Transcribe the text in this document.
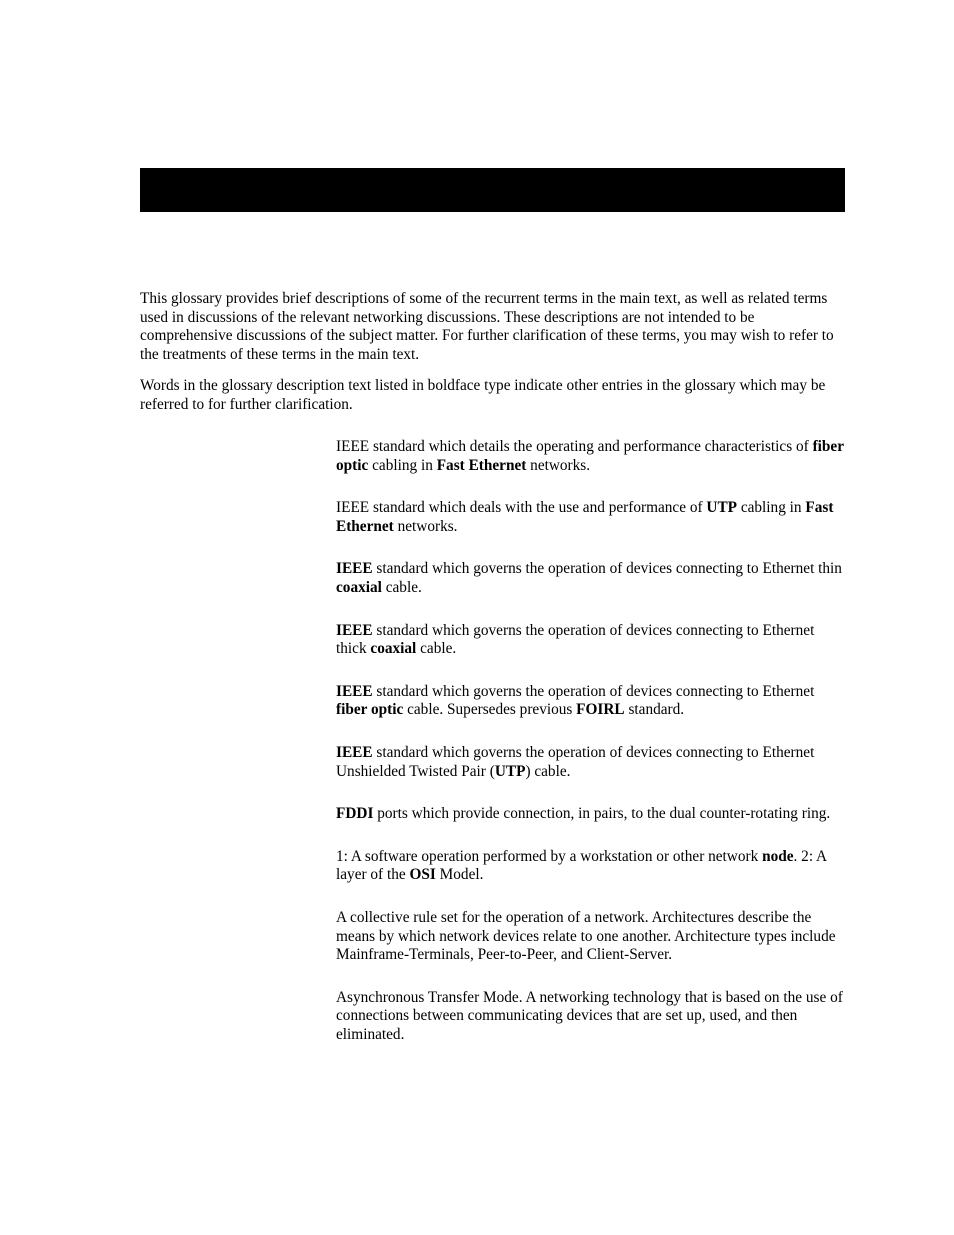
This glossary provides brief descriptions of some of the recurrent terms in the main text, as well as related terms used in discussions of the relevant networking discussions. These descriptions are not intended to be comprehensive discussions of the subject matter. For further clarification of these terms, you may wish to refer to the treatments of these terms in the main text.

Words in the glossary description text listed in boldface type indicate other entries in the glossary which may be referred to for further clarification.

IEEE standard which details the operating and performance characteristics of fiber optic cabling in Fast Ethernet networks.

IEEE standard which deals with the use and performance of UTP cabling in Fast Ethernet networks.

IEEE standard which governs the operation of devices connecting to Ethernet thin coaxial cable.

IEEE standard which governs the operation of devices connecting to Ethernet thick coaxial cable.

IEEE standard which governs the operation of devices connecting to Ethernet fiber optic cable. Supersedes previous FOIRL standard.

IEEE standard which governs the operation of devices connecting to Ethernet Unshielded Twisted Pair (UTP) cable.

FDDI ports which provide connection, in pairs, to the dual counter-rotating ring.

1: A software operation performed by a workstation or other network node. 2: A layer of the OSI Model.

A collective rule set for the operation of a network. Architectures describe the means by which network devices relate to one another. Architecture types include Mainframe-Terminals, Peer-to-Peer, and Client-Server.

Asynchronous Transfer Mode. A networking technology that is based on the use of connections between communicating devices that are set up, used, and then eliminated.
